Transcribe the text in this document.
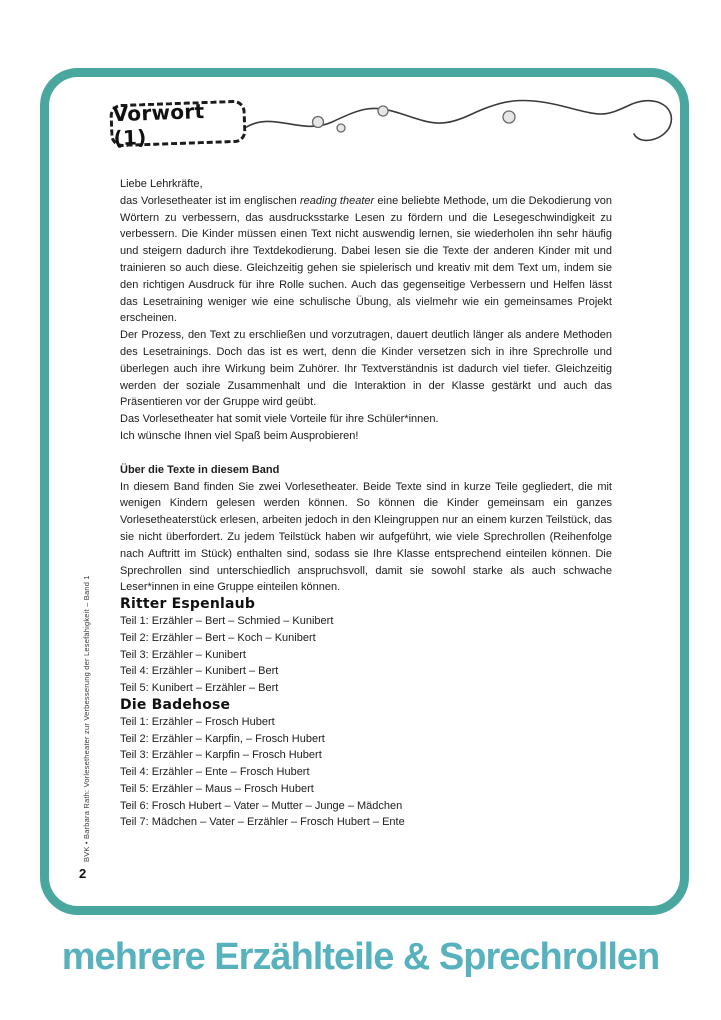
Vorwort (1)

Liebe Lehrkräfte,

das Vorlesetheater ist im englischen reading theater eine beliebte Methode, um die Dekodierung von Wörtern zu verbessern, das ausdrucksstarke Lesen zu fördern und die Lesegeschwindigkeit zu verbessern. Die Kinder müssen einen Text nicht auswendig lernen, sie wiederholen ihn sehr häufig und steigern dadurch ihre Textdekodierung. Dabei lesen sie die Texte der anderen Kinder mit und trainieren so auch diese. Gleichzeitig gehen sie spielerisch und kreativ mit dem Text um, indem sie den richtigen Ausdruck für ihre Rolle suchen. Auch das gegenseitige Verbessern und Helfen lässt das Lesetraining weniger wie eine schulische Übung, als vielmehr wie ein gemeinsames Projekt erscheinen.

Der Prozess, den Text zu erschließen und vorzutragen, dauert deutlich länger als andere Methoden des Lesetrainings. Doch das ist es wert, denn die Kinder versetzen sich in ihre Sprechrolle und überlegen auch ihre Wirkung beim Zuhörer. Ihr Textverständnis ist dadurch viel tiefer. Gleichzeitig werden der soziale Zusammenhalt und die Interaktion in der Klasse gestärkt und auch das Präsentieren vor der Gruppe wird geübt.

Das Vorlesetheater hat somit viele Vorteile für ihre Schüler*innen.

Ich wünsche Ihnen viel Spaß beim Ausprobieren!

Über die Texte in diesem Band

In diesem Band finden Sie zwei Vorlesetheater. Beide Texte sind in kurze Teile gegliedert, die mit wenigen Kindern gelesen werden können. So können die Kinder gemeinsam ein ganzes Vorlesetheaterstück erlesen, arbeiten jedoch in den Kleingruppen nur an einem kurzen Teilstück, das sie nicht überfordert. Zu jedem Teilstück haben wir aufgeführt, wie viele Sprechrollen (Reihenfolge nach Auftritt im Stück) enthalten sind, sodass sie Ihre Klasse entsprechend einteilen können. Die Sprechrollen sind unterschiedlich anspruchsvoll, damit sie sowohl starke als auch schwache Leser*innen in eine Gruppe einteilen können.

Ritter Espenlaub

Teil 1: Erzähler – Bert – Schmied – Kunibert

Teil 2: Erzähler – Bert – Koch – Kunibert

Teil 3: Erzähler – Kunibert

Teil 4: Erzähler – Kunibert – Bert

Teil 5: Kunibert – Erzähler – Bert

Die Badehose

Teil 1: Erzähler – Frosch Hubert

Teil 2: Erzähler – Karpfin, – Frosch Hubert

Teil 3: Erzähler – Karpfin – Frosch Hubert

Teil 4: Erzähler – Ente – Frosch Hubert

Teil 5: Erzähler – Maus – Frosch Hubert

Teil 6: Frosch Hubert – Vater – Mutter – Junge – Mädchen

Teil 7: Mädchen – Vater – Erzähler – Frosch Hubert – Ente

BVK • Barbara Rath: Vorlesetheater zur Verbesserung der Lesefähigkeit – Band 1
2
mehrere Erzählteile & Sprechrollen
